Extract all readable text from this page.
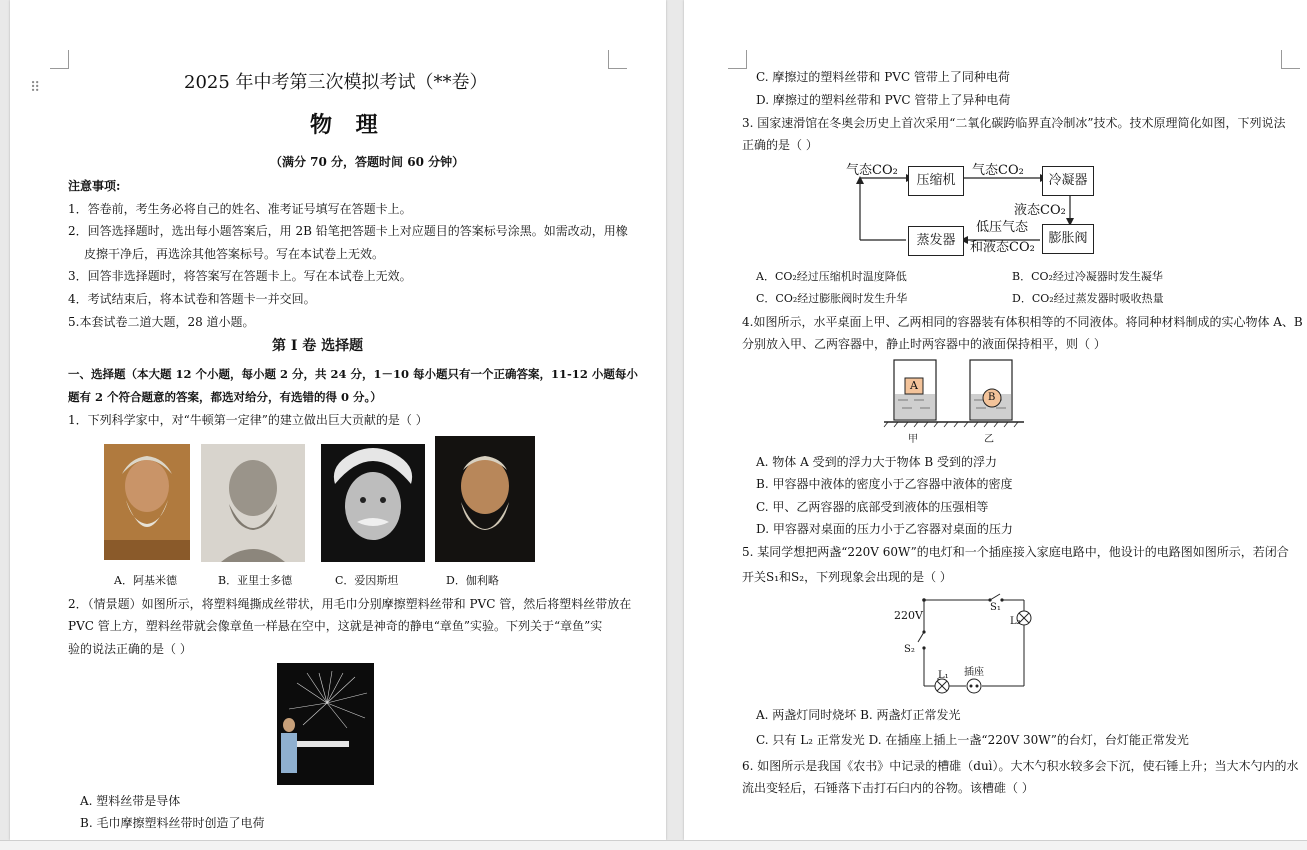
⠿	2025 年中考第三次模拟考试（**卷）
物 理
（满分 70 分，答题时间 60 分钟）
注意事项:
1．答卷前，考生务必将自己的姓名、准考证号填写在答题卡上。
2．回答选择题时，选出每小题答案后，用 2B 铅笔把答题卡上对应题目的答案标号涂黑。如需改动，用橡
皮擦干净后，再选涂其他答案标号。写在本试卷上无效。
3．回答非选择题时，将答案写在答题卡上。写在本试卷上无效。
4．考试结束后，将本试卷和答题卡一并交回。
5.本套试卷二道大题，28 道小题。
第 I 卷 选择题
一、选择题（本大题 12 个小题，每小题 2 分，共 24 分，1－10 每小题只有一个正确答案，11-12 小题每小
题有 2 个符合题意的答案，都选对给分，有选错的得 0 分。）
1．下列科学家中，对“牛顿第一定律”的建立做出巨大贡献的是（ ）
A．阿基米德	B．亚里士多德	C．爱因斯坦	D．伽利略
2．（情景题）如图所示，将塑料绳撕成丝带状，用毛巾分别摩擦塑料丝带和 PVC 管，然后将塑料丝带放在
PVC 管上方，塑料丝带就会像章鱼一样悬在空中，这就是神奇的静电“章鱼”实验。下列关于“章鱼”实
验的说法正确的是（ ）
A. 塑料丝带是导体
B. 毛巾摩擦塑料丝带时创造了电荷
C. 摩擦过的塑料丝带和 PVC 管带上了同种电荷
D. 摩擦过的塑料丝带和 PVC 管带上了异种电荷
3. 国家速滑馆在冬奥会历史上首次采用“二氧化碳跨临界直冷制冰”技术。技术原理简化如图，下列说法
正确的是（ ）
压缩机	冷凝器
膨胀阀
蒸发器
气态CO₂	气态CO₂
液态CO₂
低压气态
和液态CO₂
A．CO₂经过压缩机时温度降低	B．CO₂经过冷凝器时发生凝华
C．CO₂经过膨胀阀时发生升华	D．CO₂经过蒸发器时吸收热量
4.如图所示，水平桌面上甲、乙两相同的容器装有体积相等的不同液体。将同种材料制成的实心物体 A、B
分别放入甲、乙两容器中，静止时两容器中的液面保持相平，则（ ）
A
B
甲	乙
A. 物体 A 受到的浮力大于物体 B 受到的浮力
B. 甲容器中液体的密度小于乙容器中液体的密度
C. 甲、乙两容器的底部受到液体的压强相等
D. 甲容器对桌面的压力小于乙容器对桌面的压力
5. 某同学想把两盏“220V 60W”的电灯和一个插座接入家庭电路中，他设计的电路图如图所示，若闭合
开关S₁和S₂，下列现象会出现的是（ ）
220V
S₁
S₂
L₂
L₁ 插座
A. 两盏灯同时烧坏 B. 两盏灯正常发光
C. 只有 L₂ 正常发光 D. 在插座上插上一盏“220V 30W”的台灯，台灯能正常发光
6. 如图所示是我国《农书》中记录的槽碓（duì）。大木勺积水较多会下沉，使石锤上升；当大木勺内的水
流出变轻后，石锤落下击打石臼内的谷物。该槽碓（ ）
